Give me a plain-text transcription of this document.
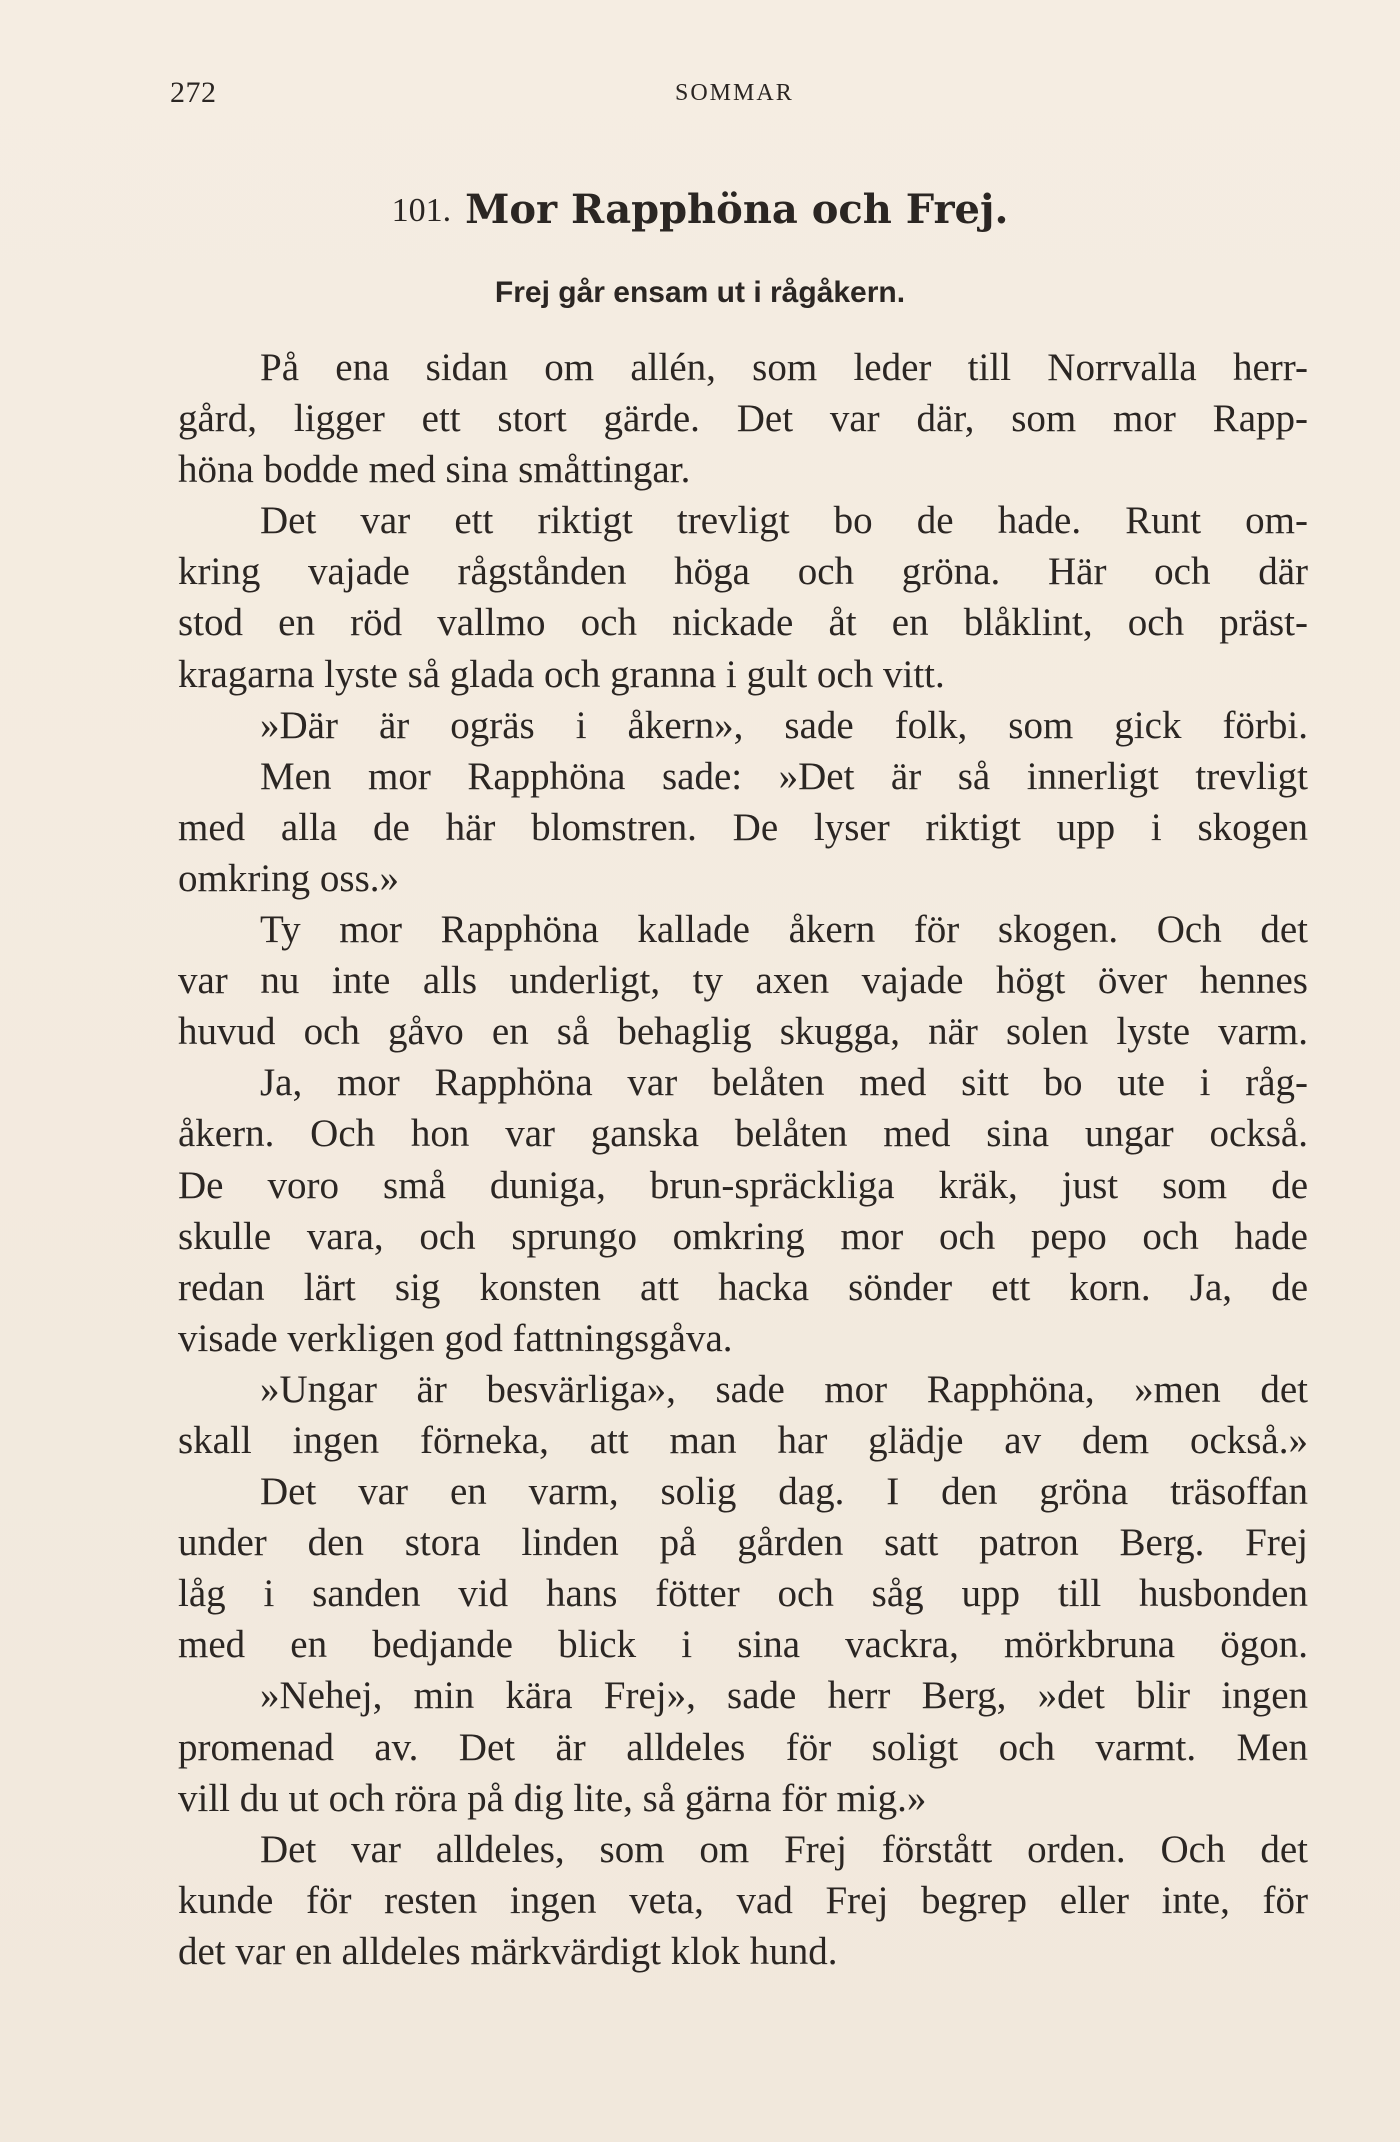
272	SOMMAR
101. Mor Rapphöna och Frej.
Frej går ensam ut i rågåkern.
På ena sidan om allén, som leder till Norrvalla herr-
gård, ligger ett stort gärde. Det var där, som mor Rapp-
höna bodde med sina småttingar.
Det var ett riktigt trevligt bo de hade. Runt om-
kring vajade rågstånden höga och gröna. Här och där
stod en röd vallmo och nickade åt en blåklint, och präst-
kragarna lyste så glada och granna i gult och vitt.
»Där är ogräs i åkern», sade folk, som gick förbi.
Men mor Rapphöna sade: »Det är så innerligt trevligt
med alla de här blomstren. De lyser riktigt upp i skogen
omkring oss.»
Ty mor Rapphöna kallade åkern för skogen. Och det
var nu inte alls underligt, ty axen vajade högt över hennes
huvud och gåvo en så behaglig skugga, när solen lyste varm.
Ja, mor Rapphöna var belåten med sitt bo ute i råg-
åkern. Och hon var ganska belåten med sina ungar också.
De voro små duniga, brun-spräckliga kräk, just som de
skulle vara, och sprungo omkring mor och pepo och hade
redan lärt sig konsten att hacka sönder ett korn. Ja, de
visade verkligen god fattningsgåva.
»Ungar är besvärliga», sade mor Rapphöna, »men det
skall ingen förneka, att man har glädje av dem också.»
Det var en varm, solig dag. I den gröna träsoffan
under den stora linden på gården satt patron Berg. Frej
låg i sanden vid hans fötter och såg upp till husbonden
med en bedjande blick i sina vackra, mörkbruna ögon.
»Nehej, min kära Frej», sade herr Berg, »det blir ingen
promenad av. Det är alldeles för soligt och varmt. Men
vill du ut och röra på dig lite, så gärna för mig.»
Det var alldeles, som om Frej förstått orden. Och det
kunde för resten ingen veta, vad Frej begrep eller inte, för
det var en alldeles märkvärdigt klok hund.
